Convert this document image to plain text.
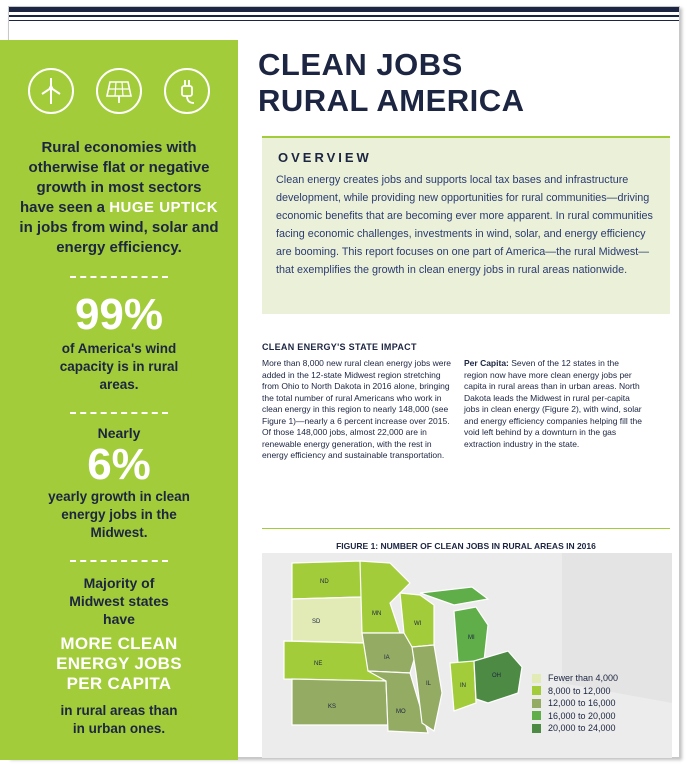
Rural economies with otherwise flat or negative growth in most sectors have seen a HUGE UPTICK in jobs from wind, solar and energy efficiency.
99%
of America's wind capacity is in rural areas.
Nearly
6%
yearly growth in clean energy jobs in the Midwest.
Majority of Midwest states have
MORE CLEAN ENERGY JOBS PER CAPITA
in rural areas than in urban ones.
CLEAN JOBS
RURAL AMERICA
OVERVIEW

Clean energy creates jobs and supports local tax bases and infrastructure development, while providing new opportunities for rural communities—driving economic benefits that are becoming ever more apparent. In rural communities facing economic challenges, investments in wind, solar, and energy efficiency are booming. This report focuses on one part of America—the rural Midwest—that exemplifies the growth in clean energy jobs in rural areas nationwide.

CLEAN ENERGY'S STATE IMPACT
More than 8,000 new rural clean energy jobs were added in the 12-state Midwest region stretching from Ohio to North Dakota in 2016 alone, bringing the total number of rural Americans who work in clean energy in this region to nearly 148,000 (see Figure 1)—nearly a 6 percent increase over 2015. Of those 148,000 jobs, almost 22,000 are in renewable energy generation, with the rest in energy efficiency and sustainable transportation.
Per Capita: Seven of the 12 states in the region now have more clean energy jobs per capita in rural areas than in urban areas. North Dakota leads the Midwest in rural per-capita jobs in clean energy (Figure 2), with wind, solar and energy efficiency companies helping fill the void left behind by a downturn in the gas extraction industry in the state.
FIGURE 1: NUMBER OF CLEAN JOBS IN RURAL AREAS IN 2016
ND
SD
NE
KS
MN
IA
MO
WI
IL
MI
IN
OH	Fewer than 4,000
8,000 to 12,000
12,000 to 16,000
16,000 to 20,000
20,000 to 24,000
